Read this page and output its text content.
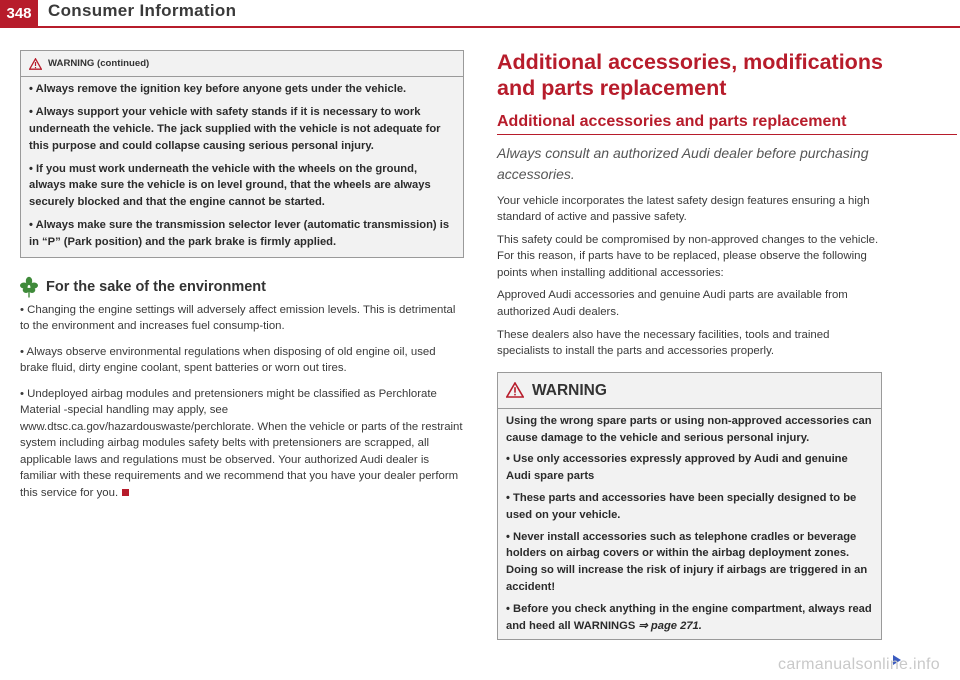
348 Consumer Information
WARNING (continued)

• Always remove the ignition key before anyone gets under the vehicle.

• Always support your vehicle with safety stands if it is necessary to work underneath the vehicle. The jack supplied with the vehicle is not adequate for this purpose and could collapse causing serious personal injury.

• If you must work underneath the vehicle with the wheels on the ground, always make sure the vehicle is on level ground, that the wheels are always securely blocked and that the engine cannot be started.

• Always make sure the transmission selector lever (automatic transmission) is in “P” (Park position) and the park brake is firmly applied.

For the sake of the environment

• Changing the engine settings will adversely affect emission levels. This is detrimental to the environment and increases fuel consump-tion.

• Always observe environmental regulations when disposing of old engine oil, used brake fluid, dirty engine coolant, spent batteries or worn out tires.

• Undeployed airbag modules and pretensioners might be classified as Perchlorate Material -special handling may apply, see www.dtsc.ca.gov/hazardouswaste/perchlorate. When the vehicle or parts of the restraint system including airbag modules safety belts with pretensioners are scrapped, all applicable laws and regulations must be observed. Your authorized Audi dealer is familiar with these requirements and we recommend that you have your dealer perform this service for you.

Additional accessories, modifications and parts replacement
Additional accessories and parts replacement

Always consult an authorized Audi dealer before purchasing accessories.

Your vehicle incorporates the latest safety design features ensuring a high standard of active and passive safety.

This safety could be compromised by non-approved changes to the vehicle. For this reason, if parts have to be replaced, please observe the following points when installing additional accessories:

Approved Audi accessories and genuine Audi parts are available from authorized Audi dealers.

These dealers also have the necessary facilities, tools and trained specialists to install the parts and accessories properly.

WARNING

Using the wrong spare parts or using non-approved accessories can cause damage to the vehicle and serious personal injury.

• Use only accessories expressly approved by Audi and genuine Audi spare parts

• These parts and accessories have been specially designed to be used on your vehicle.

• Never install accessories such as telephone cradles or beverage holders on airbag covers or within the airbag deployment zones. Doing so will increase the risk of injury if airbags are triggered in an accident!

• Before you check anything in the engine compartment, always read and heed all WARNINGS ⇒ page 271.

carmanualsonline.info
